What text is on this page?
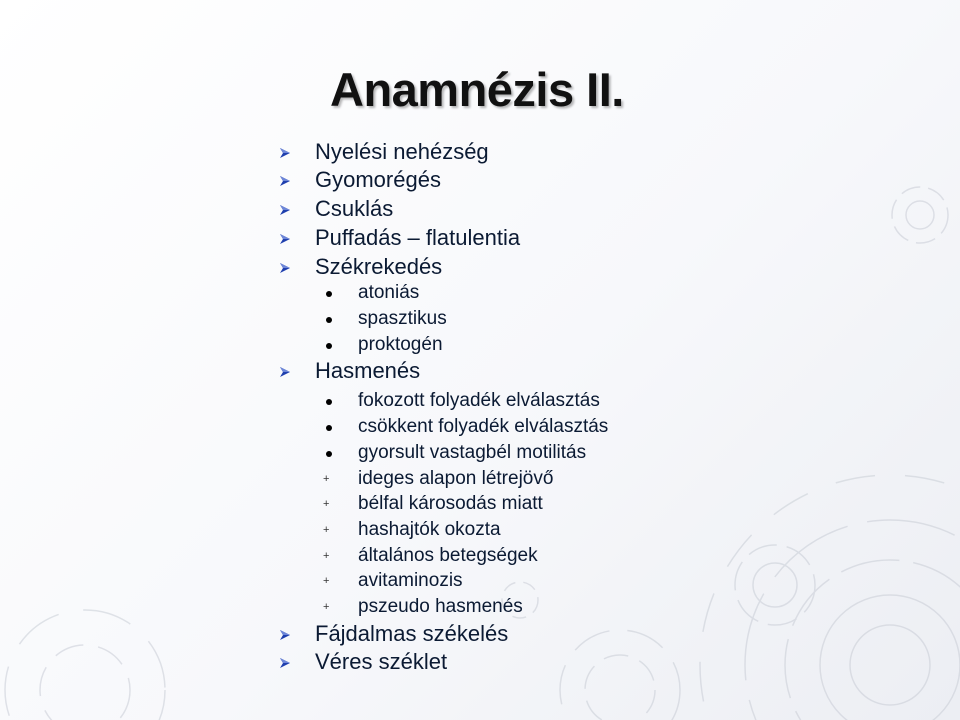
Anamnézis II.
Nyelési nehézség
Gyomorégés
Csuklás
Puffadás – flatulentia
Székrekedés
atoniás
spasztikus
proktogén
Hasmenés
fokozott folyadék elválasztás
csökkent folyadék elválasztás
gyorsult vastagbél motilitás
+ ideges alapon létrejövő
+ bélfal károsodás miatt
+ hashajtók okozta
+ általános betegségek
+ avitaminozis
+ pszeudo hasmenés
Fájdalmas székelés
Véres széklet
